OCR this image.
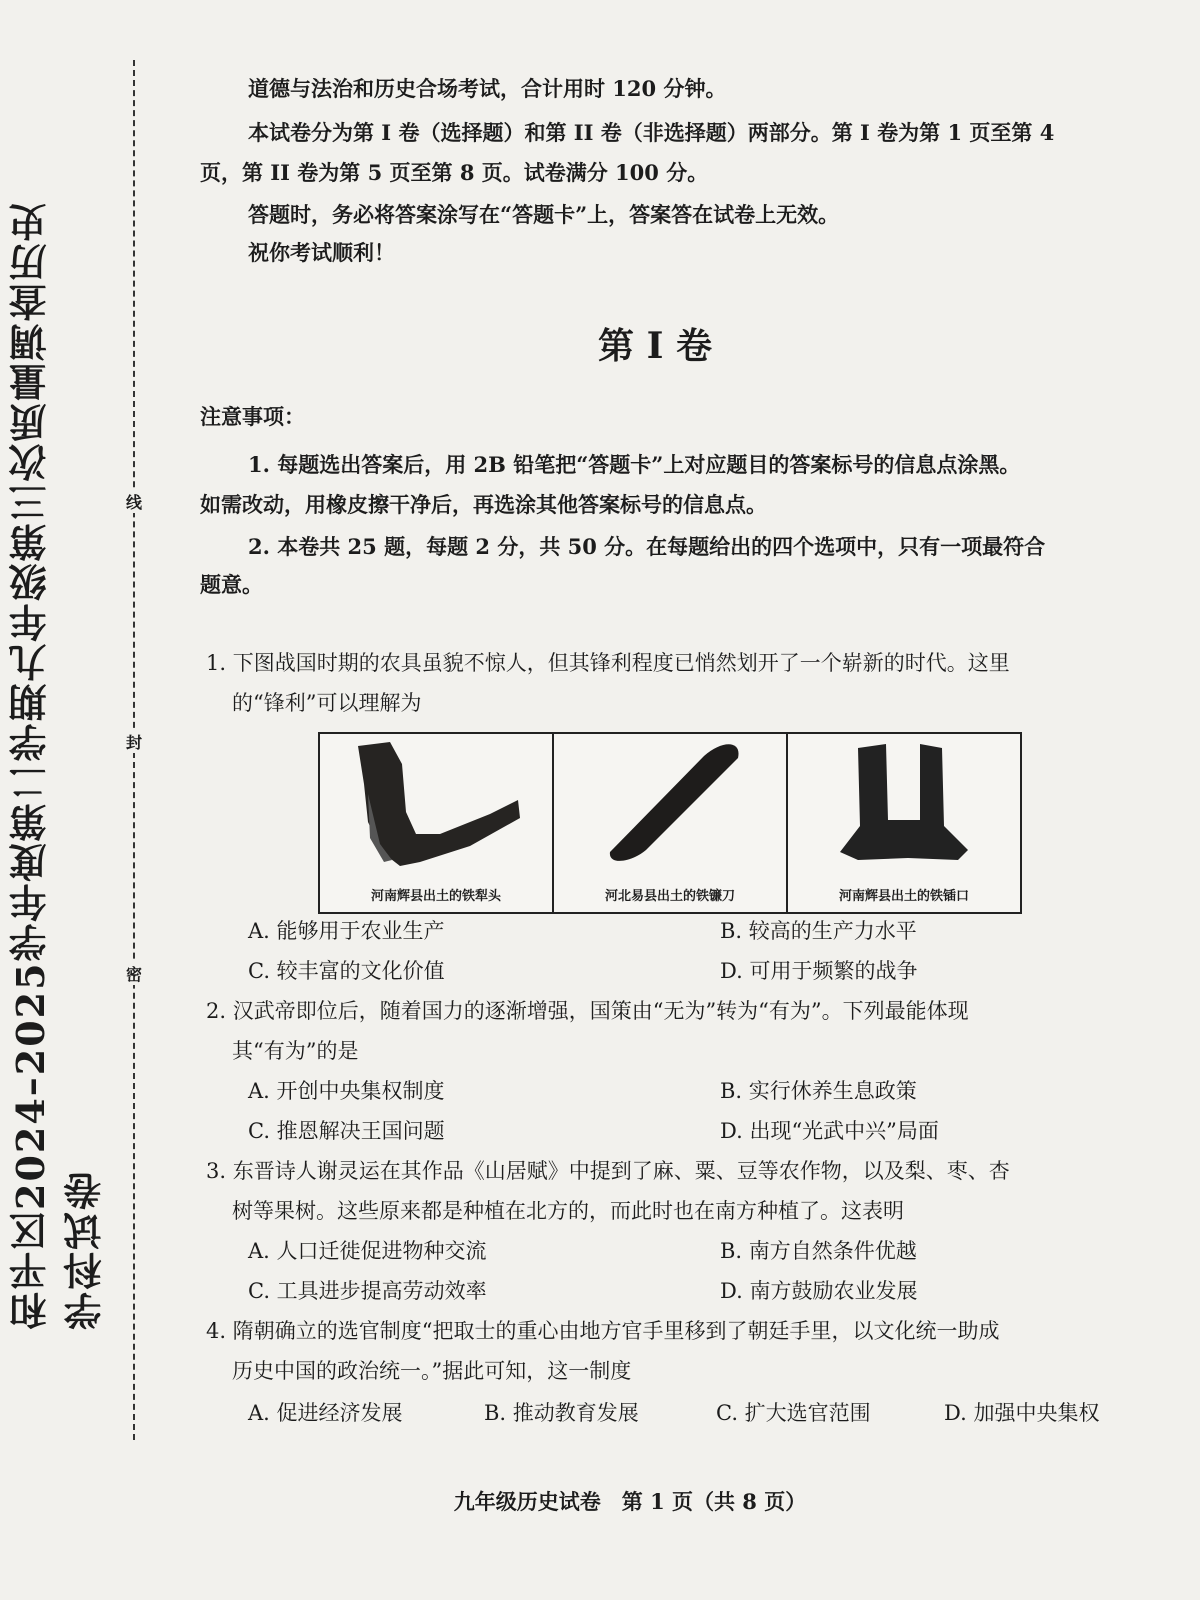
和平区2024–2025学年度第二学期九年级第三次质量调查历史学科试卷
线
封
密
道德与法治和历史合场考试，合计用时 120 分钟。
本试卷分为第 I 卷（选择题）和第 II 卷（非选择题）两部分。第 I 卷为第 1 页至第 4
页，第 II 卷为第 5 页至第 8 页。试卷满分 100 分。
答题时，务必将答案涂写在“答题卡”上，答案答在试卷上无效。
祝你考试顺利！
第 I 卷
注意事项：
1. 每题选出答案后，用 2B 铅笔把“答题卡”上对应题目的答案标号的信息点涂黑。
如需改动，用橡皮擦干净后，再选涂其他答案标号的信息点。
2. 本卷共 25 题，每题 2 分，共 50 分。在每题给出的四个选项中，只有一项最符合
题意。
1. 下图战国时期的农具虽貌不惊人，但其锋利程度已悄然划开了一个崭新的时代。这里
的“锋利”可以理解为
河南辉县出土的铁犁头	河北易县出土的铁镰刀	河南辉县出土的铁锸口
A. 能够用于农业生产	B. 较高的生产力水平
C. 较丰富的文化价值	D. 可用于频繁的战争
2. 汉武帝即位后，随着国力的逐渐增强，国策由“无为”转为“有为”。下列最能体现
其“有为”的是
A. 开创中央集权制度	B. 实行休养生息政策
C. 推恩解决王国问题	D. 出现“光武中兴”局面
3. 东晋诗人谢灵运在其作品《山居赋》中提到了麻、粟、豆等农作物，以及梨、枣、杏
树等果树。这些原来都是种植在北方的，而此时也在南方种植了。这表明
A. 人口迁徙促进物种交流	B. 南方自然条件优越
C. 工具进步提高劳动效率	D. 南方鼓励农业发展
4. 隋朝确立的选官制度“把取士的重心由地方官手里移到了朝廷手里，以文化统一助成
历史中国的政治统一。”据此可知，这一制度
A. 促进经济发展	B. 推动教育发展	C. 扩大选官范围	D. 加强中央集权
九年级历史试卷　第 1 页（共 8 页）
